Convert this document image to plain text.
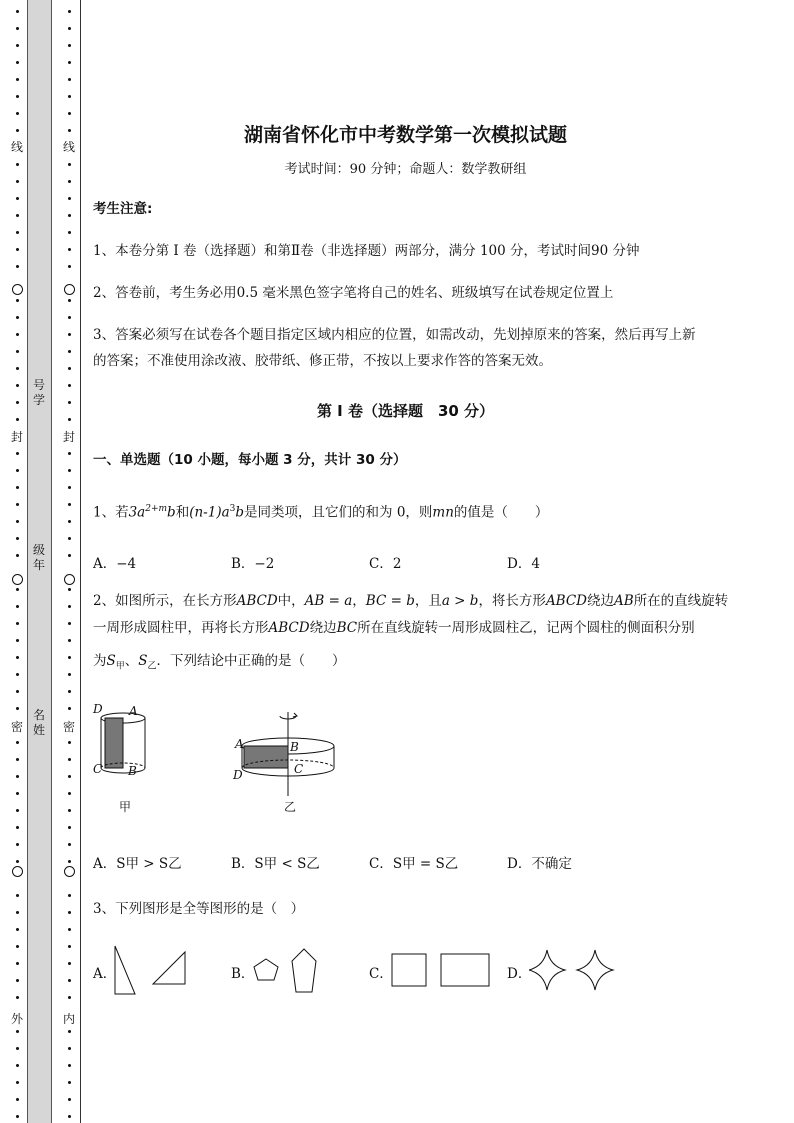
线
封
密
外
线
封
密
内
号学
级年
名姓
湖南省怀化市中考数学第一次模拟试题
考试时间：90 分钟；命题人：数学教研组
考生注意:
1、本卷分第 I 卷（选择题）和第Ⅱ卷（非选择题）两部分，满分 100 分，考试时间90 分钟
2、答卷前，考生务必用0.5 毫米黑色签字笔将自己的姓名、班级填写在试卷规定位置上
3、答案必须写在试卷各个题目指定区域内相应的位置，如需改动，先划掉原来的答案，然后再写上新
的答案；不准使用涂改液、胶带纸、修正带，不按以上要求作答的答案无效。
第 I 卷（选择题　30 分）
一、单选题（10 小题，每小题 3 分，共计 30 分）
1、若$3a^{2+m}b$和$(n-1)a^3b$是同类项，且它们的和为 0，则mn的值是（　　）
A．−4	B．−2	C．2	D．4
2、如图所示，在长方形ABCD中，AB = a，BC = b，且a > b，将长方形ABCD绕边AB所在的直线旋转
一周形成圆柱甲，再将长方形ABCD绕边BC所在直线旋转一周形成圆柱乙，记两个圆柱的侧面积分别
为$S_甲$、$S_乙$．下列结论中正确的是（　　）
D A
C B
甲
A	B
D	C
乙
A．S甲 > S乙	B．S甲 < S乙	C．S甲 = S乙	D．不确定
3、下列图形是全等图形的是（　）
A．	B．	C．	D．
